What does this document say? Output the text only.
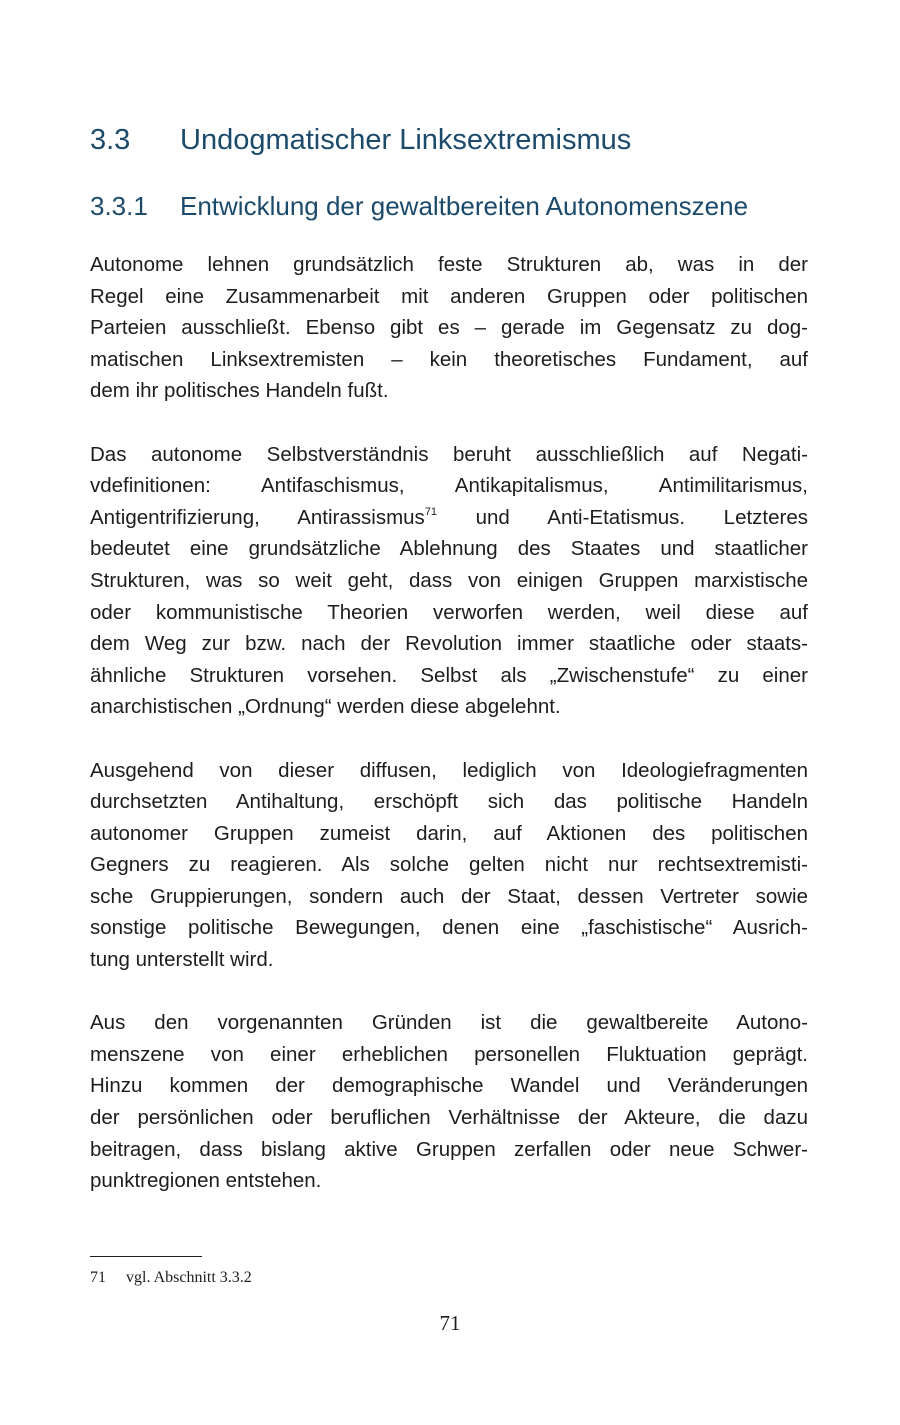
3.3 Undogmatischer Linksextremismus
3.3.1 Entwicklung der gewaltbereiten Autonomenszene
Autonome lehnen grundsätzlich feste Strukturen ab, was in der
Regel eine Zusammenarbeit mit anderen Gruppen oder politischen
Parteien ausschließt. Ebenso gibt es – gerade im Gegensatz zu dog-
matischen Linksextremisten – kein theoretisches Fundament, auf
dem ihr politisches Handeln fußt.
Das autonome Selbstverständnis beruht ausschließlich auf Negati-
vdefinitionen: Antifaschismus, Antikapitalismus, Antimilitarismus,
Antigentrifizierung, Antirassismus$^{71}$ und Anti-Etatismus. Letzteres
bedeutet eine grundsätzliche Ablehnung des Staates und staatlicher
Strukturen, was so weit geht, dass von einigen Gruppen marxistische
oder kommunistische Theorien verworfen werden, weil diese auf
dem Weg zur bzw. nach der Revolution immer staatliche oder staats-
ähnliche Strukturen vorsehen. Selbst als „Zwischenstufe“ zu einer
anarchistischen „Ordnung“ werden diese abgelehnt.
Ausgehend von dieser diffusen, lediglich von Ideologiefragmenten
durchsetzten Antihaltung, erschöpft sich das politische Handeln
autonomer Gruppen zumeist darin, auf Aktionen des politischen
Gegners zu reagieren. Als solche gelten nicht nur rechtsextremisti-
sche Gruppierungen, sondern auch der Staat, dessen Vertreter sowie
sonstige politische Bewegungen, denen eine „faschistische“ Ausrich-
tung unterstellt wird.
Aus den vorgenannten Gründen ist die gewaltbereite Autono-
menszene von einer erheblichen personellen Fluktuation geprägt.
Hinzu kommen der demographische Wandel und Veränderungen
der persönlichen oder beruflichen Verhältnisse der Akteure, die dazu
beitragen, dass bislang aktive Gruppen zerfallen oder neue Schwer-
punktregionen entstehen.
71 vgl. Abschnitt 3.3.2
71
